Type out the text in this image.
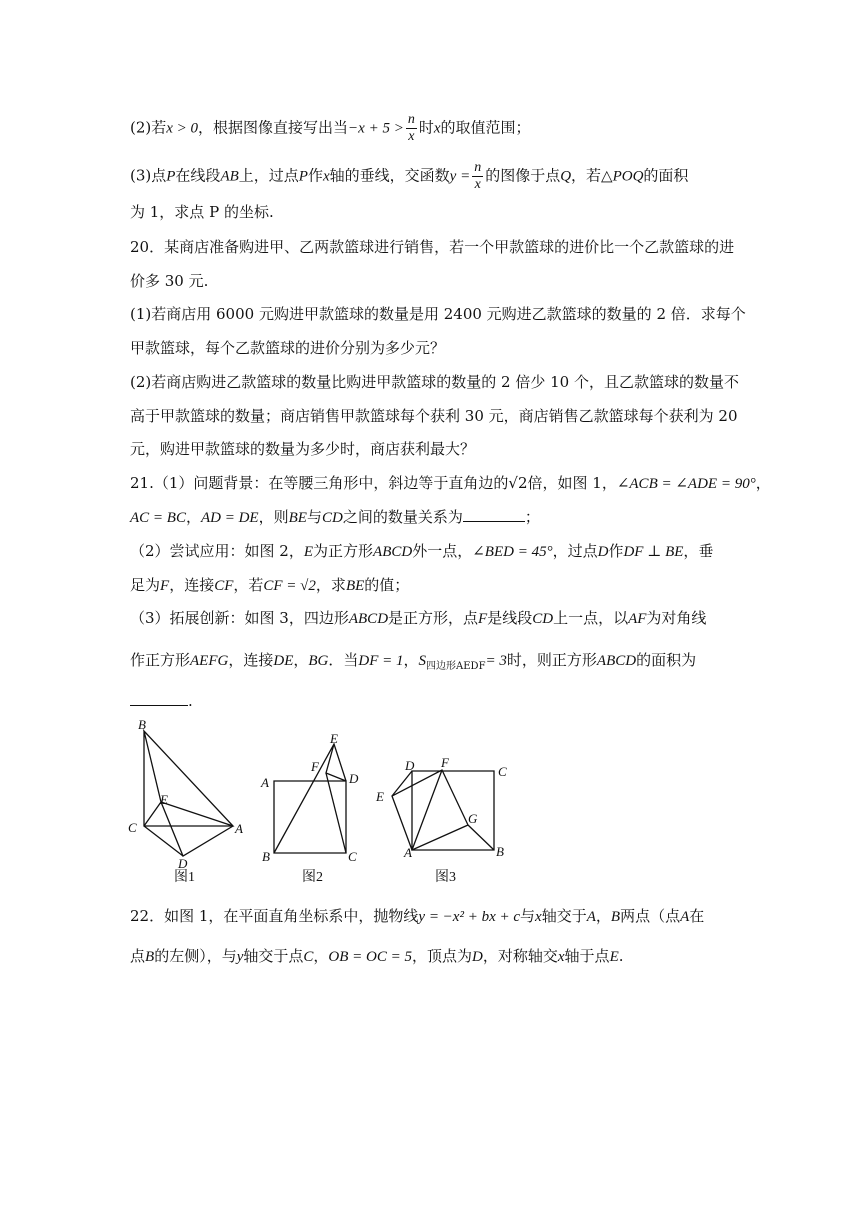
(2)若x > 0，根据图像直接写出当$-x + 5 > \frac{n}{x}$ 时x的取值范围；
(3)点P在线段AB上，过点P作x轴的垂线，交函数$y = \frac{n}{x}$ 的图像于点Q，若△POQ的面积
为 1，求点 P 的坐标.
20．某商店准备购进甲、乙两款篮球进行销售，若一个甲款篮球的进价比一个乙款篮球的进
价多 30 元.
(1)若商店用 6000 元购进甲款篮球的数量是用 2400 元购进乙款篮球的数量的 2 倍．求每个
甲款篮球，每个乙款篮球的进价分别为多少元？
(2)若商店购进乙款篮球的数量比购进甲款篮球的数量的 2 倍少 10 个，且乙款篮球的数量不
高于甲款篮球的数量；商店销售甲款篮球每个获利 30 元，商店销售乙款篮球每个获利为 20
元，购进甲款篮球的数量为多少时，商店获利最大？
21.（1）问题背景：在等腰三角形中，斜边等于直角边的√2倍，如图 1，∠ACB = ∠ADE = 90°，
AC = BC，AD = DE，则BE与CD之间的数量关系为	；
（2）尝试应用：如图 2，E为正方形ABCD外一点，∠BED = 45°，过点D作DF ⊥ BE，垂
足为F，连接CF，若CF = √2，求BE的值；
（3）拓展创新：如图 3，四边形ABCD是正方形，点F是线段CD上一点，以AF为对角线
作正方形AEFG，连接DE，BG．当DF = 1，$S_{四边形AEDF}= 3$时，则正方形ABCD的面积为
.
B
E
C	A
D
E
F
D
A
B	C
D F
C
E
G
A	B
图1	图2	图3
22．如图 1，在平面直角坐标系中，抛物线y = −x² + bx + c与x轴交于A，B两点（点A在
点B的左侧），与y轴交于点C，OB = OC = 5，顶点为D，对称轴交x轴于点E.
